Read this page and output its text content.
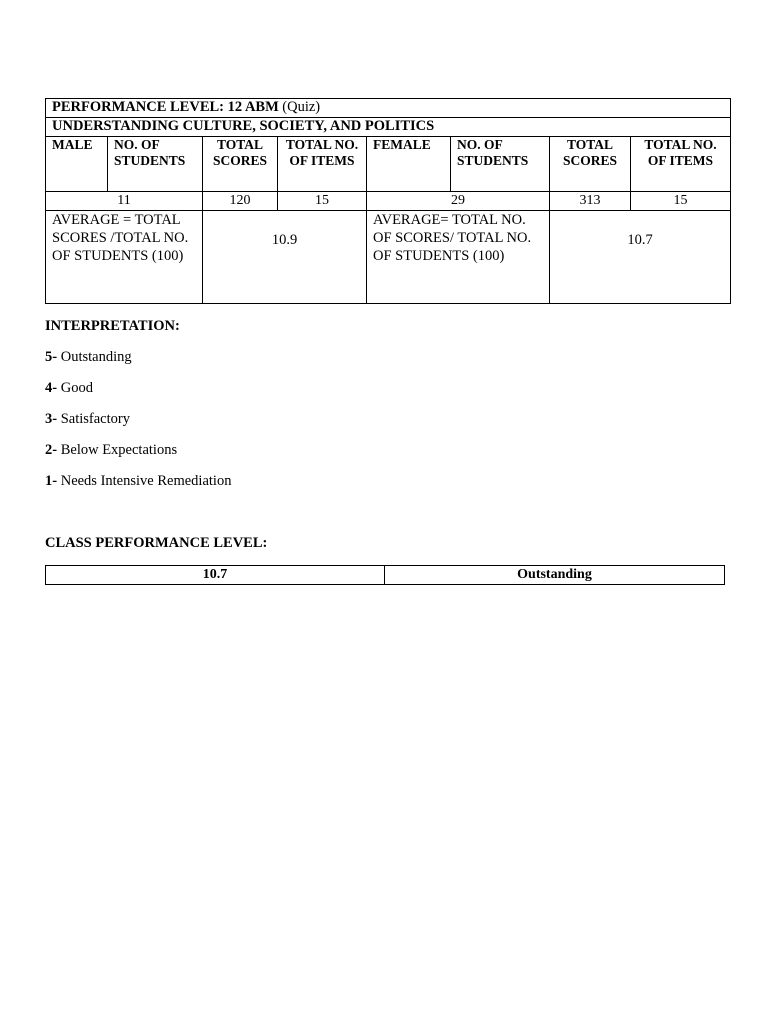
PERFORMANCE LEVEL: 12 ABM (Quiz)							
UNDERSTANDING CULTURE, SOCIETY, AND POLITICS							
MALE	NO. OF STUDENTS	TOTAL SCORES	TOTAL NO. OF ITEMS	FEMALE	NO. OF STUDENTS	TOTAL SCORES	TOTAL NO. OF ITEMS
11		120	15	29		313	15
AVERAGE = TOTAL SCORES /TOTAL NO. OF STUDENTS (100)		10.9		AVERAGE= TOTAL NO. OF SCORES/ TOTAL NO. OF STUDENTS (100)		10.7	
INTERPRETATION:
5- Outstanding
4- Good
3- Satisfactory
2- Below Expectations
1- Needs Intensive Remediation
CLASS PERFORMANCE LEVEL:
10.7	Outstanding
